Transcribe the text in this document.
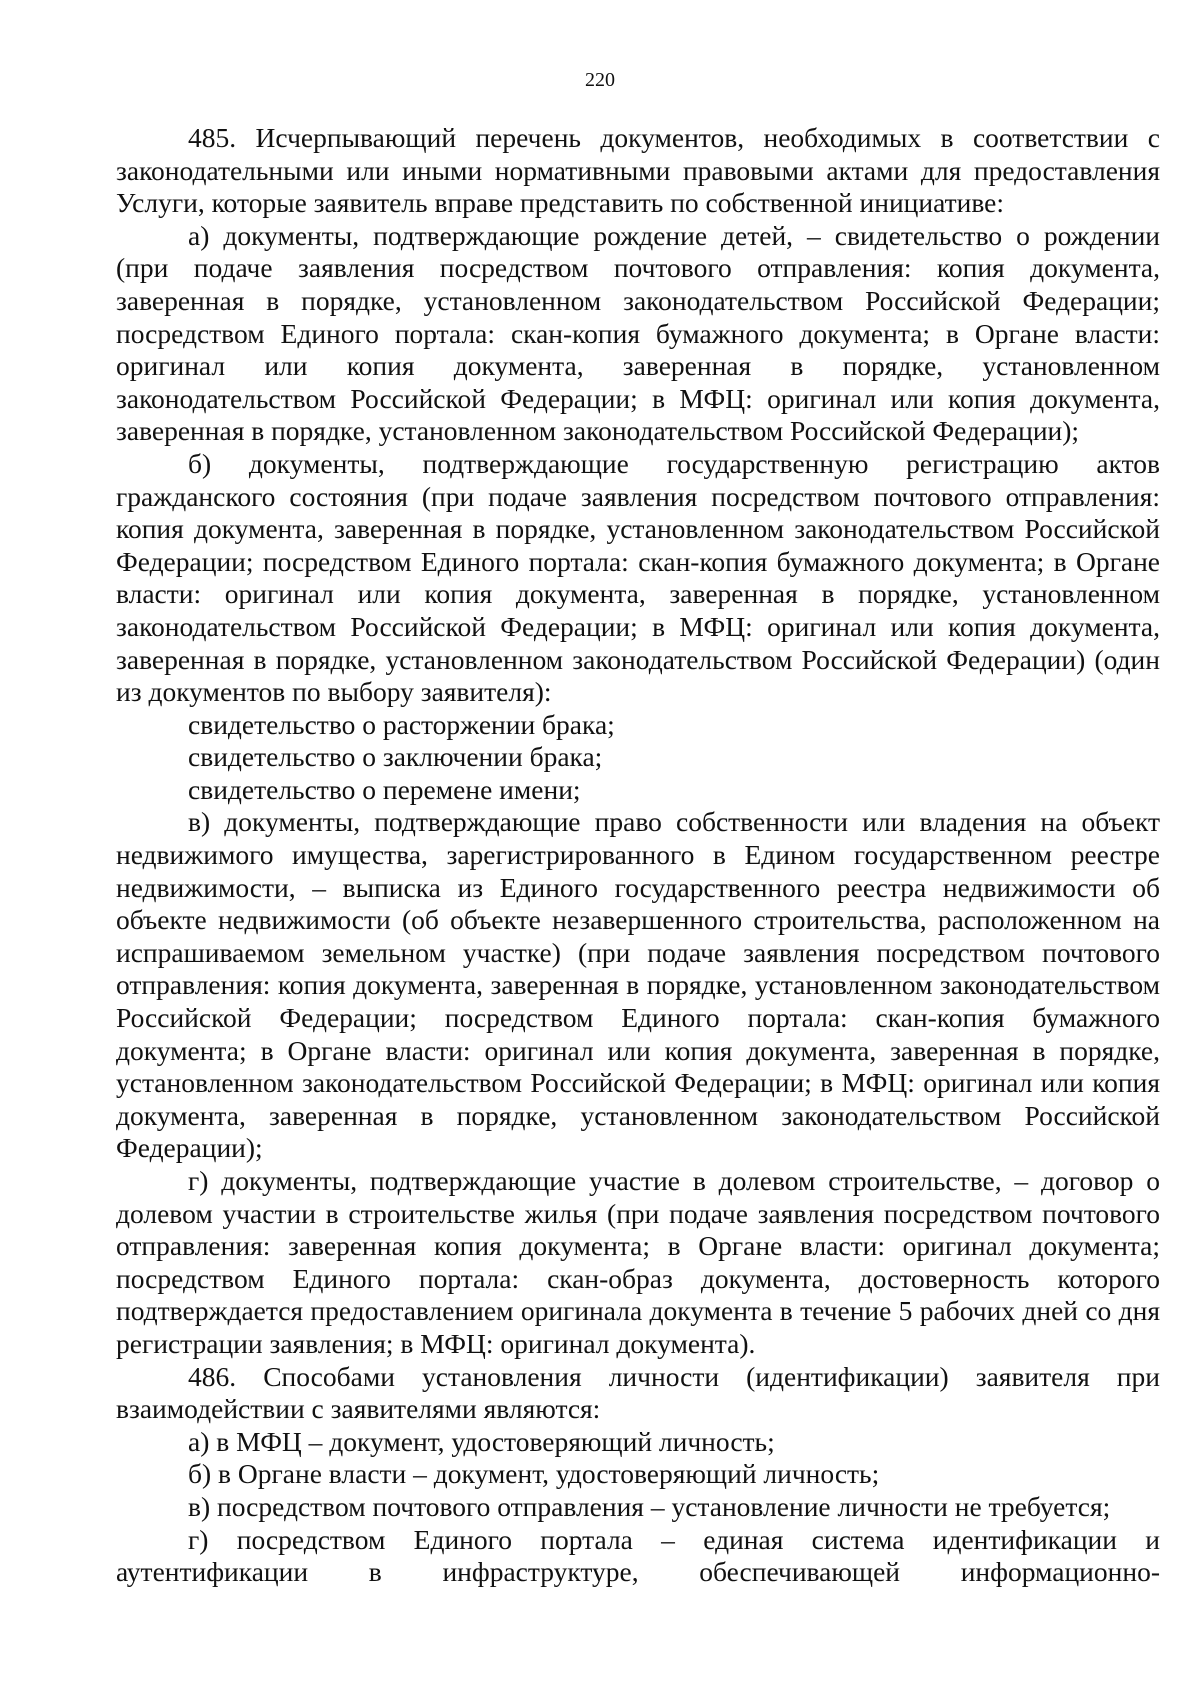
220

485. Исчерпывающий перечень документов, необходимых в соответствии с законодательными или иными нормативными правовыми актами для предоставления Услуги, которые заявитель вправе представить по собственной инициативе:

а) документы, подтверждающие рождение детей, – свидетельство о рождении (при подаче заявления посредством почтового отправления: копия документа, заверенная в порядке, установленном законодательством Российской Федерации; посредством Единого портала: скан-копия бумажного документа; в Органе власти: оригинал или копия документа, заверенная в порядке, установленном законодательством Российской Федерации; в МФЦ: оригинал или копия документа, заверенная в порядке, установленном законодательством Российской Федерации);

б) документы, подтверждающие государственную регистрацию актов гражданского состояния (при подаче заявления посредством почтового отправления: копия документа, заверенная в порядке, установленном законодательством Российской Федерации; посредством Единого портала: скан-копия бумажного документа; в Органе власти: оригинал или копия документа, заверенная в порядке, установленном законодательством Российской Федерации; в МФЦ: оригинал или копия документа, заверенная в порядке, установленном законодательством Российской Федерации) (один из документов по выбору заявителя):

свидетельство о расторжении брака;

свидетельство о заключении брака;

свидетельство о перемене имени;

в) документы, подтверждающие право собственности или владения на объект недвижимого имущества, зарегистрированного в Едином государственном реестре недвижимости, – выписка из Единого государственного реестра недвижимости об объекте недвижимости (об объекте незавершенного строительства, расположенном на испрашиваемом земельном участке) (при подаче заявления посредством почтового отправления: копия документа, заверенная в порядке, установленном законодательством Российской Федерации; посредством Единого портала: скан-копия бумажного документа; в Органе власти: оригинал или копия документа, заверенная в порядке, установленном законодательством Российской Федерации; в МФЦ: оригинал или копия документа, заверенная в порядке, установленном законодательством Российской Федерации);

г) документы, подтверждающие участие в долевом строительстве, – договор о долевом участии в строительстве жилья (при подаче заявления посредством почтового отправления: заверенная копия документа; в Органе власти: оригинал документа; посредством Единого портала: скан-образ документа, достоверность которого подтверждается предоставлением оригинала документа в течение 5 рабочих дней со дня регистрации заявления; в МФЦ: оригинал документа).

486. Способами установления личности (идентификации) заявителя при взаимодействии с заявителями являются:

а) в МФЦ – документ, удостоверяющий личность;

б) в Органе власти – документ, удостоверяющий личность;

в) посредством почтового отправления – установление личности не требуется;

г) посредством Единого портала – единая система идентификации и аутентификации в инфраструктуре, обеспечивающей информационно-
